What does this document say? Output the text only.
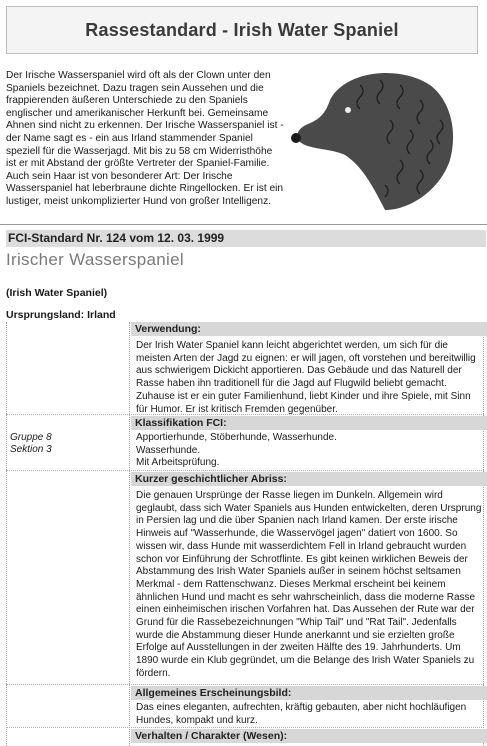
Rassestandard - Irish Water Spaniel

Der Irische Wasserspaniel wird oft als der Clown unter den Spaniels bezeichnet. Dazu tragen sein Aussehen und die frappierenden äußeren Unterschiede zu den Spaniels englischer und amerikanischer Herkunft bei. Gemeinsame Ahnen sind nicht zu erkennen. Der Irische Wasserspaniel ist - der Name sagt es - ein aus Irland stammender Spaniel speziell für die Wasserjagd. Mit bis zu 58 cm Widerristhöhe ist er mit Abstand der größte Vertreter der Spaniel-Familie. Auch sein Haar ist von besonderer Art: Der Irische Wasserspaniel hat leberbraune dichte Ringellocken. Er ist ein lustiger, meist unkomplizierter Hund von großer Intelligenz.

FCI-Standard Nr. 124 vom 12. 03. 1999
Irischer Wasserspaniel
(Irish Water Spaniel)
Ursprungsland: Irland
Verwendung:

Der Irish Water Spaniel kann leicht abgerichtet werden, um sich für die meisten Arten der Jagd zu eignen: er will jagen, oft vorstehen und bereitwillig aus schwierigem Dickicht apportieren. Das Gebäude und das Naturell der Rasse haben ihn traditionell für die Jagd auf Flugwild beliebt gemacht. Zuhause ist er ein guter Familienhund, liebt Kinder und ihre Spiele, mit Sinn für Humor. Er ist kritisch Fremden gegenüber.

Klassifikation FCI:
Gruppe 8
Sektion 3
Apportierhunde, Stöberhunde, Wasserhunde.
Wasserhunde.
Mit Arbeitsprüfung.
Kurzer geschichtlicher Abriss:

Die genauen Ursprünge der Rasse liegen im Dunkeln. Allgemein wird geglaubt, dass sich Water Spaniels aus Hunden entwickelten, deren Ursprung in Persien lag und die über Spanien nach Irland kamen. Der erste irische Hinweis auf "Wasserhunde, die Wasservögel jagen" datiert von 1600. So wissen wir, dass Hunde mit wasserdichtem Fell in Irland gebraucht wurden schon vor Einführung der Schrotflinte. Es gibt keinen wirklichen Beweis der Abstammung des Irish Water Spaniels außer in seinem höchst seltsamen Merkmal - dem Rattenschwanz. Dieses Merkmal erscheint bei keinem ähnlichen Hund und macht es sehr wahrscheinlich, dass die moderne Rasse einen einheimischen irischen Vorfahren hat. Das Aussehen der Rute war der Grund für die Rassebezeichnungen "Whip Tail" und "Rat Tail". Jedenfalls wurde die Abstammung dieser Hunde anerkannt und sie erzielten große Erfolge auf Ausstellungen in der zweiten Hälfte des 19. Jahrhunderts. Um 1890 wurde ein Klub gegründet, um die Belange des Irish Water Spaniels zu fördern.

Allgemeines Erscheinungsbild:

Das eines eleganten, aufrechten, kräftig gebauten, aber nicht hochläufigen Hundes, kompakt und kurz.

Verhalten / Charakter (Wesen):
